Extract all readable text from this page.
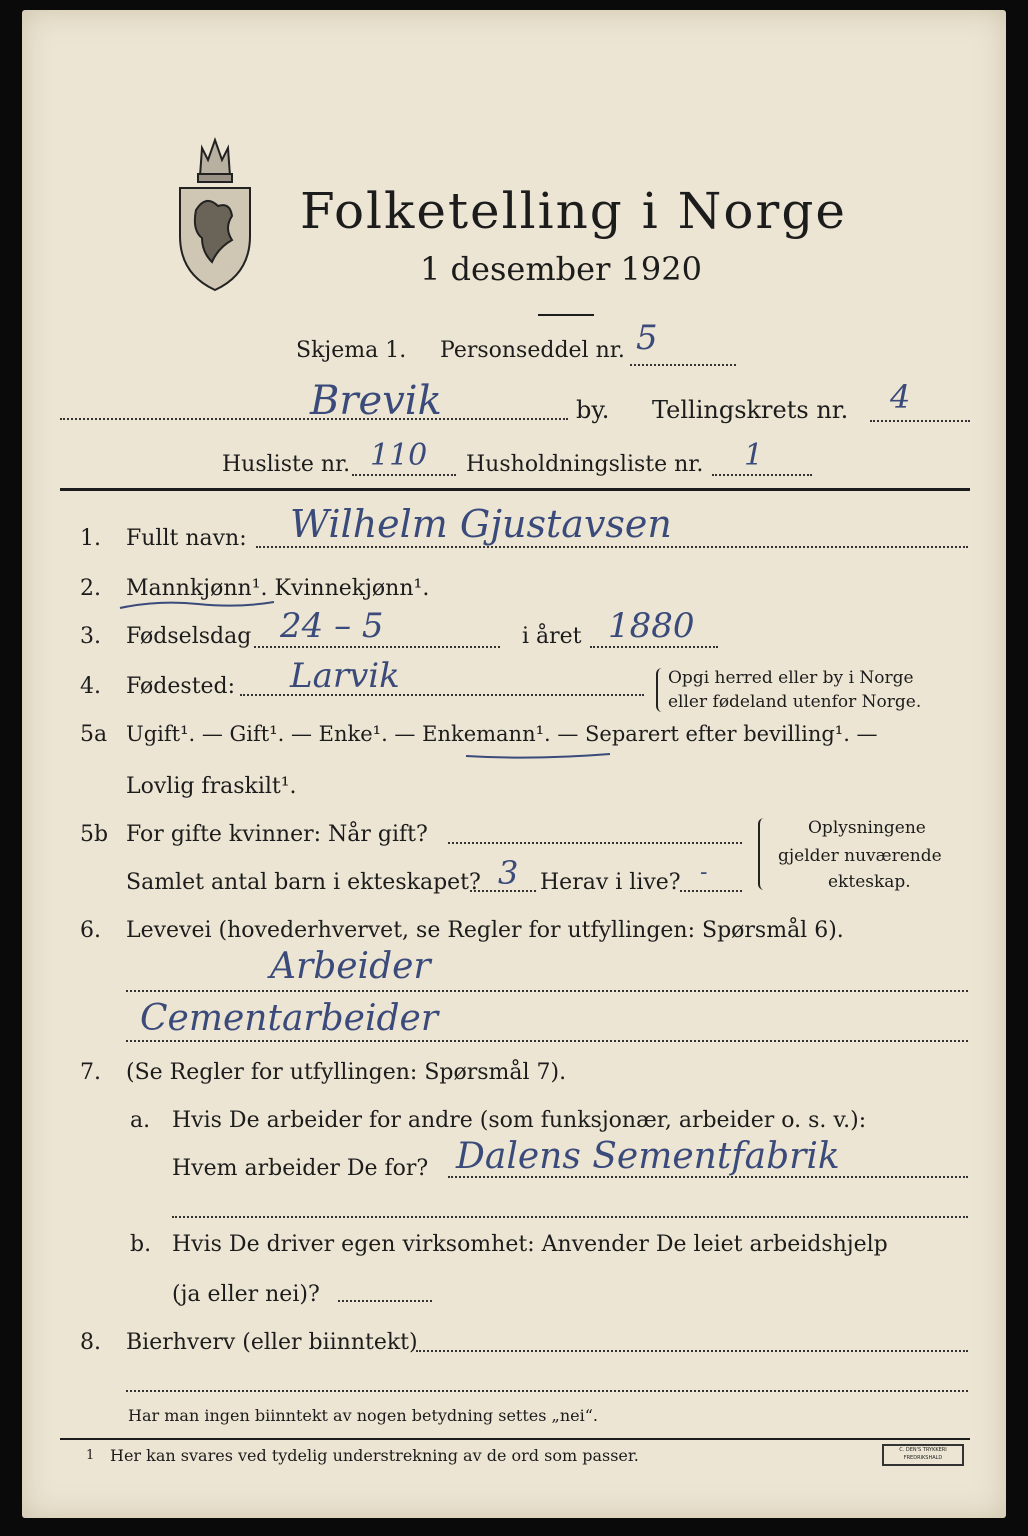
Folketelling i Norge
1 desember 1920
Skjema 1. Personseddel nr. 5
Brevik	by. Tellingskrets nr. 4
Husliste nr. 110 Husholdningsliste nr. 1
1. Fullt navn: Wilhelm Gjustavsen
2. Mannkjønn¹. Kvinnekjønn¹.
3. Fødselsdag 24 – 5	i året 1880
4. Fødested: Larvik	Opgi herred eller by i Norge
eller fødeland utenfor Norge.
5a Ugift¹. — Gift¹. — Enke¹. — Enkemann¹. — Separert efter bevilling¹. —
Lovlig fraskilt¹.
5b For gifte kvinner: Når gift?
Samlet antal barn i ekteskapet? 3 Herav i live? -
Oplysningene
gjelder nuværende
ekteskap.
6. Levevei (hovederhvervet, se Regler for utfyllingen: Spørsmål 6).
Arbeider
Cementarbeider
7. (Se Regler for utfyllingen: Spørsmål 7).
a. Hvis De arbeider for andre (som funksjonær, arbeider o. s. v.):
Hvem arbeider De for? Dalens Sementfabrik
b. Hvis De driver egen virksomhet: Anvender De leiet arbeidshjelp
(ja eller nei)?
8. Bierhverv (eller biinntekt)
Har man ingen biinntekt av nogen betydning settes „nei“.
1 Her kan svares ved tydelig understrekning av de ord som passer.	C. DEN'S TRYKKERI FREDRIKSHALD
